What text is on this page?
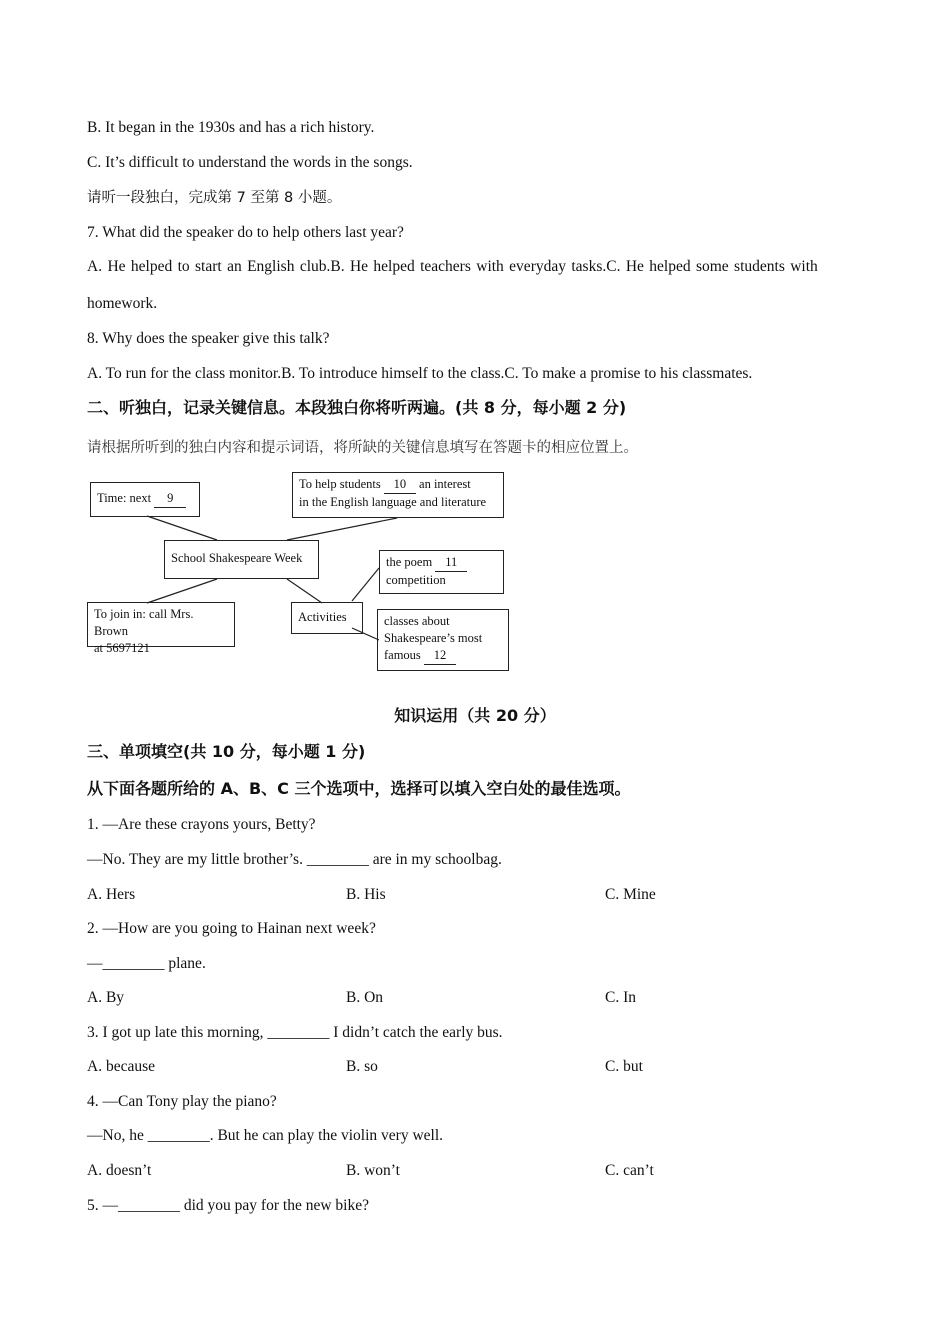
B. It began in the 1930s and has a rich history.
C. It’s difficult to understand the words in the songs.
请听一段独白，完成第 7 至第 8 小题。
7. What did the speaker do to help others last year?
A. He helped to start an English club.B. He helped teachers with everyday tasks.C. He helped some students with
homework.
8. Why does the speaker give this talk?
A. To run for the class monitor.B. To introduce himself to the class.C. To make a promise to his classmates.
二、听独白，记录关键信息。本段独白你将听两遍。(共 8 分，每小题 2 分)
请根据所听到的独白内容和提示词语，将所缺的关键信息填写在答题卡的相应位置上。
Time: next 9
To help students 10 an interest
in the English language and literature
School Shakespeare Week
To join in: call Mrs. Brown
at 5697121
Activities
the poem 11
competition
classes about
Shakespeare’s most
famous 12
知识运用（共 20 分）
三、单项填空(共 10 分，每小题 1 分)
从下面各题所给的 A、B、C 三个选项中，选择可以填入空白处的最佳选项。
1. —Are these crayons yours, Betty?
—No. They are my little brother’s. ________ are in my schoolbag.
A. Hers	B. His	C. Mine
2. —How are you going to Hainan next week?
—________ plane.
A. By	B. On	C. In
3. I got up late this morning, ________ I didn’t catch the early bus.
A. because	B. so	C. but
4. —Can Tony play the piano?
—No, he ________. But he can play the violin very well.
A. doesn’t	B. won’t	C. can’t
5. —________ did you pay for the new bike?
